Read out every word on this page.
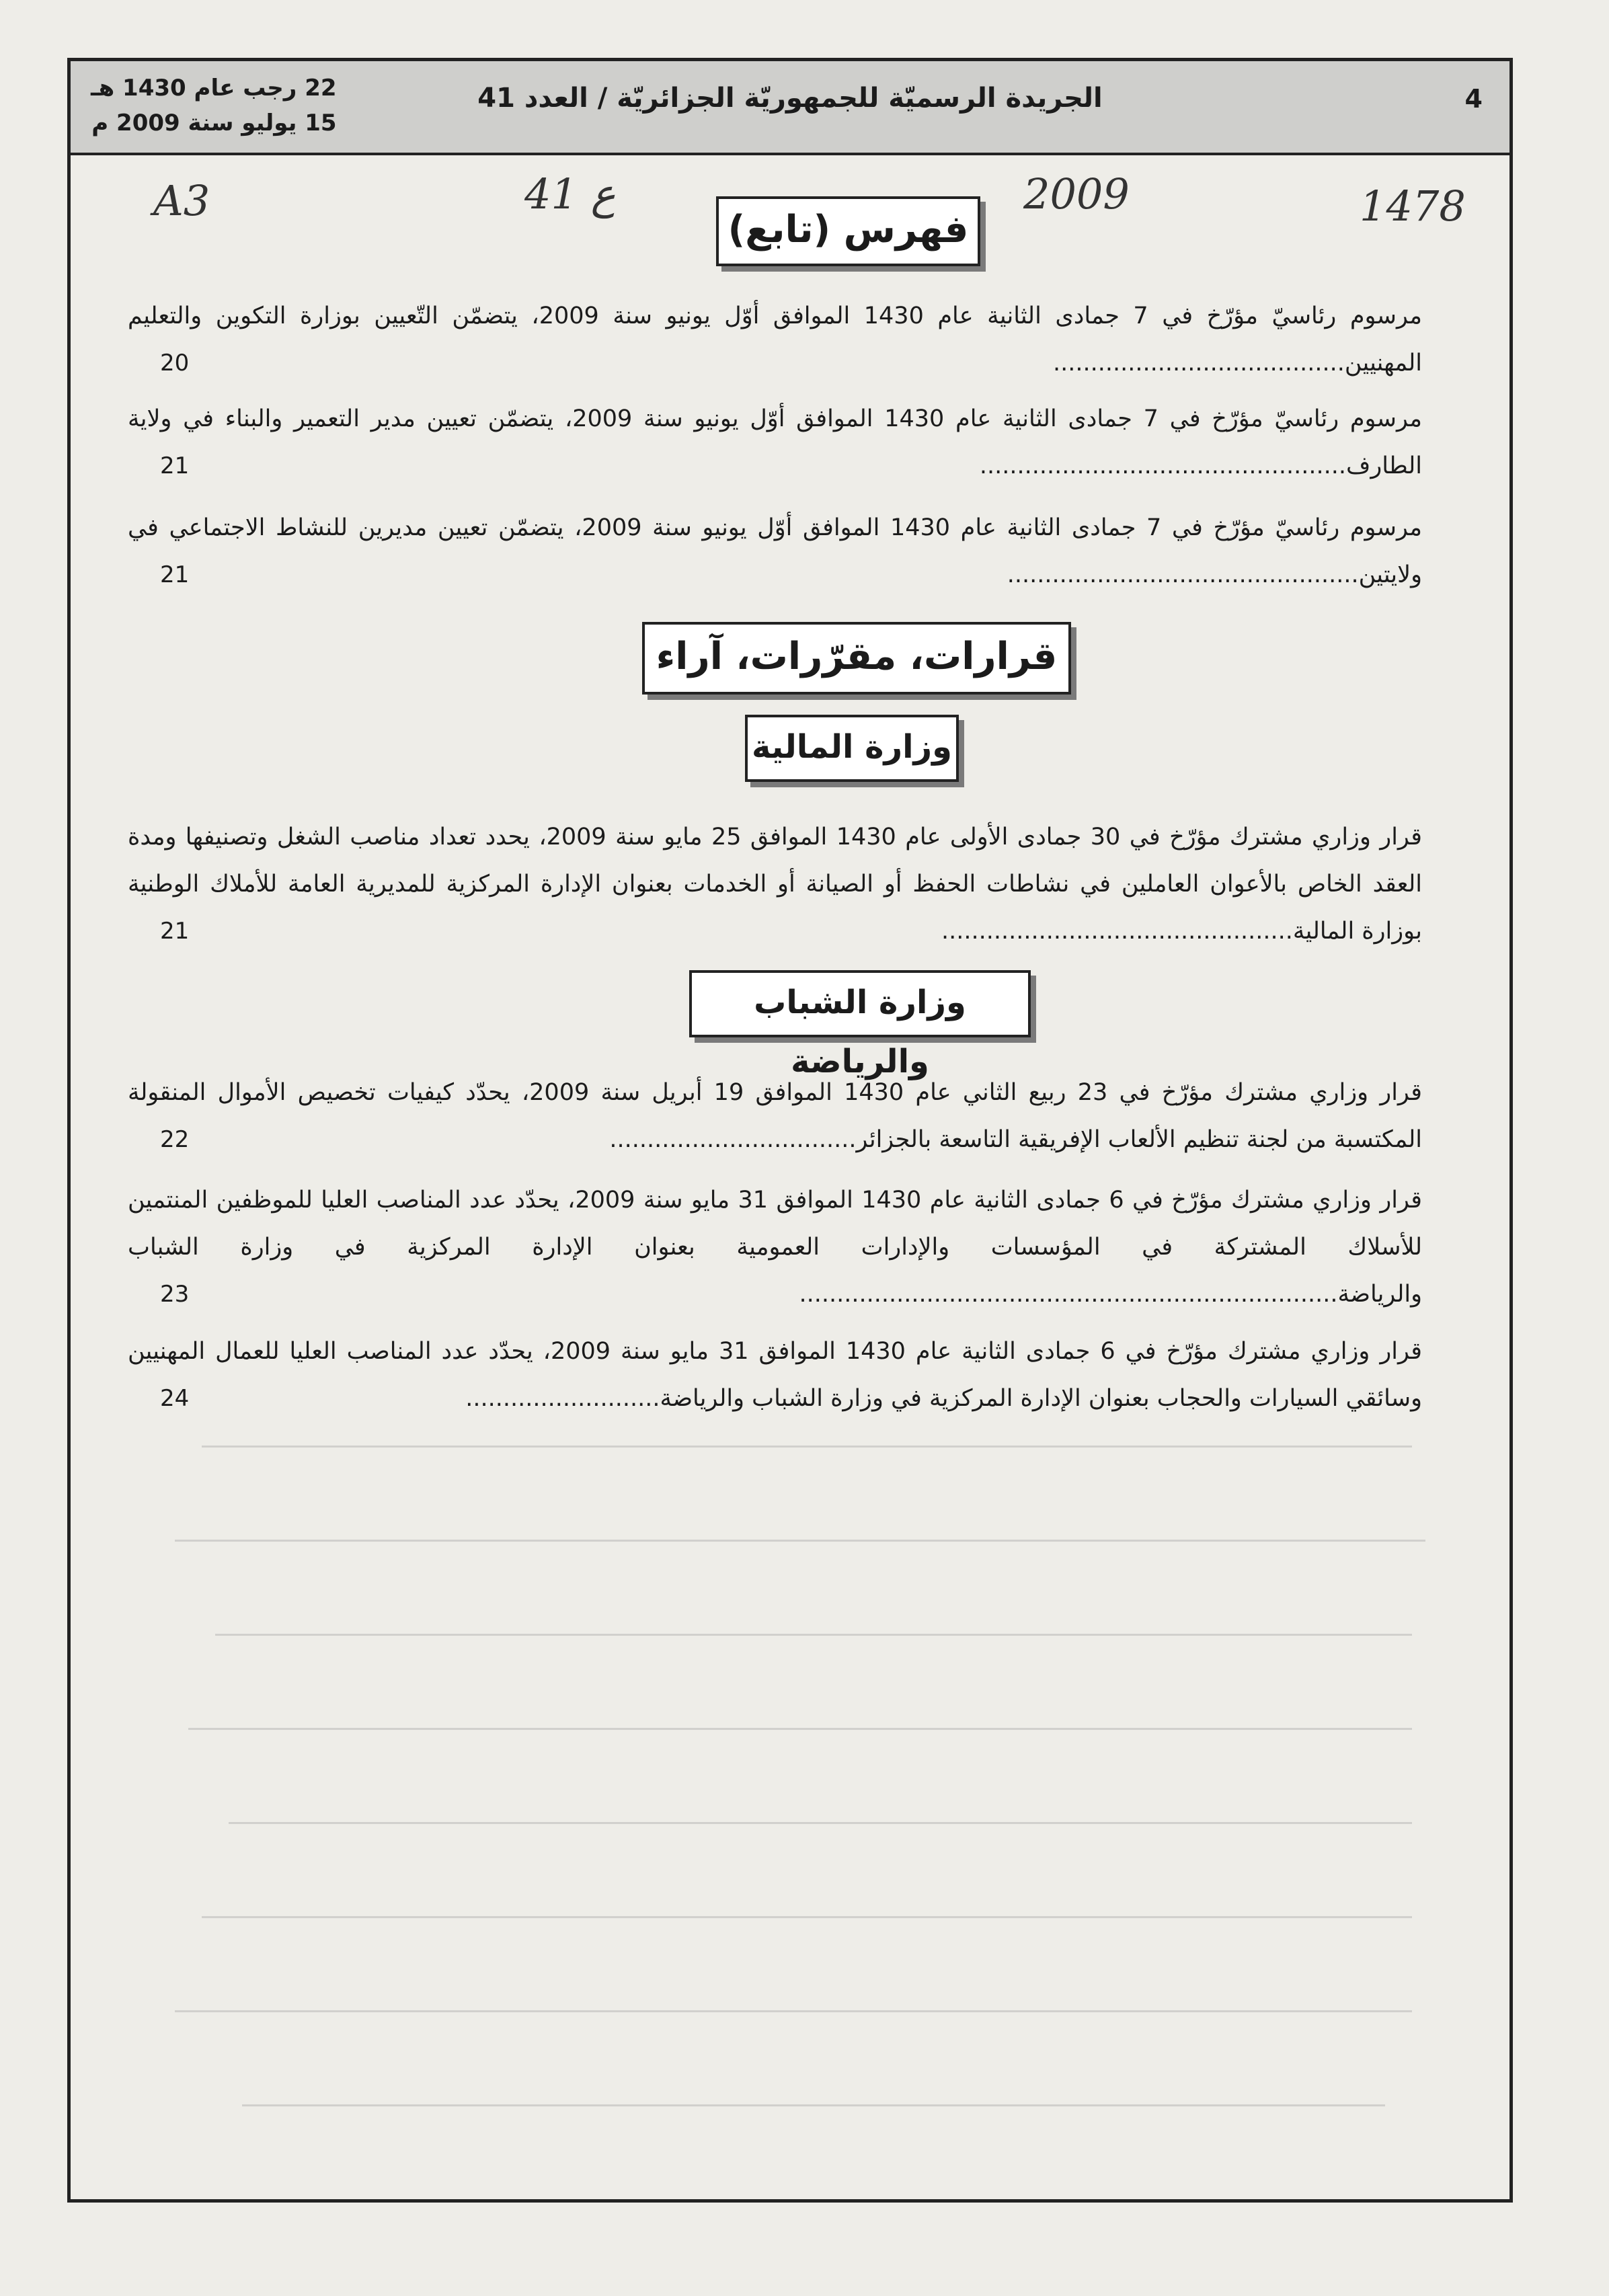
4
الجريدة الرسميّة للجمهوريّة الجزائريّة / العدد 41
22 رجب عام 1430 هـ
15 يوليو سنة 2009 م
A3	ع 41	2009	1478
فهرس (تابع)
مرسوم رئاسيّ مؤرّخ في 7 جمادى الثانية عام 1430 الموافق أوّل يونيو سنة 2009، يتضمّن التّعيين بوزارة التكوين والتعليم المهنيين.......................................
20
مرسوم رئاسيّ مؤرّخ في 7 جمادى الثانية عام 1430 الموافق أوّل يونيو سنة 2009، يتضمّن تعيين مدير التعمير والبناء في ولاية الطارف.................................................
21
مرسوم رئاسيّ مؤرّخ في 7 جمادى الثانية عام 1430 الموافق أوّل يونيو سنة 2009، يتضمّن تعيين مديرين للنشاط الاجتماعي في ولايتين...............................................
21
قرارات، مقرّرات، آراء
وزارة المالية
قرار وزاري مشترك مؤرّخ في 30 جمادى الأولى عام 1430 الموافق 25 مايو سنة 2009، يحدد تعداد مناصب الشغل وتصنيفها ومدة العقد الخاص بالأعوان العاملين في نشاطات الحفظ أو الصيانة أو الخدمات بعنوان الإدارة المركزية للمديرية العامة للأملاك الوطنية بوزارة المالية...............................................
21
وزارة الشباب والرياضة
قرار وزاري مشترك مؤرّخ في 23 ربيع الثاني عام 1430 الموافق 19 أبريل سنة 2009، يحدّد كيفيات تخصيص الأموال المنقولة المكتسبة من لجنة تنظيم الألعاب الإفريقية التاسعة بالجزائر.................................
22
قرار وزاري مشترك مؤرّخ في 6 جمادى الثانية عام 1430 الموافق 31 مايو سنة 2009، يحدّد عدد المناصب العليا للموظفين المنتمين للأسلاك المشتركة في المؤسسات والإدارات العمومية بعنوان الإدارة المركزية في وزارة الشباب والرياضة........................................................................
23
قرار وزاري مشترك مؤرّخ في 6 جمادى الثانية عام 1430 الموافق 31 مايو سنة 2009، يحدّد عدد المناصب العليا للعمال المهنيين وسائقي السيارات والحجاب بعنوان الإدارة المركزية في وزارة الشباب والرياضة..........................
24
